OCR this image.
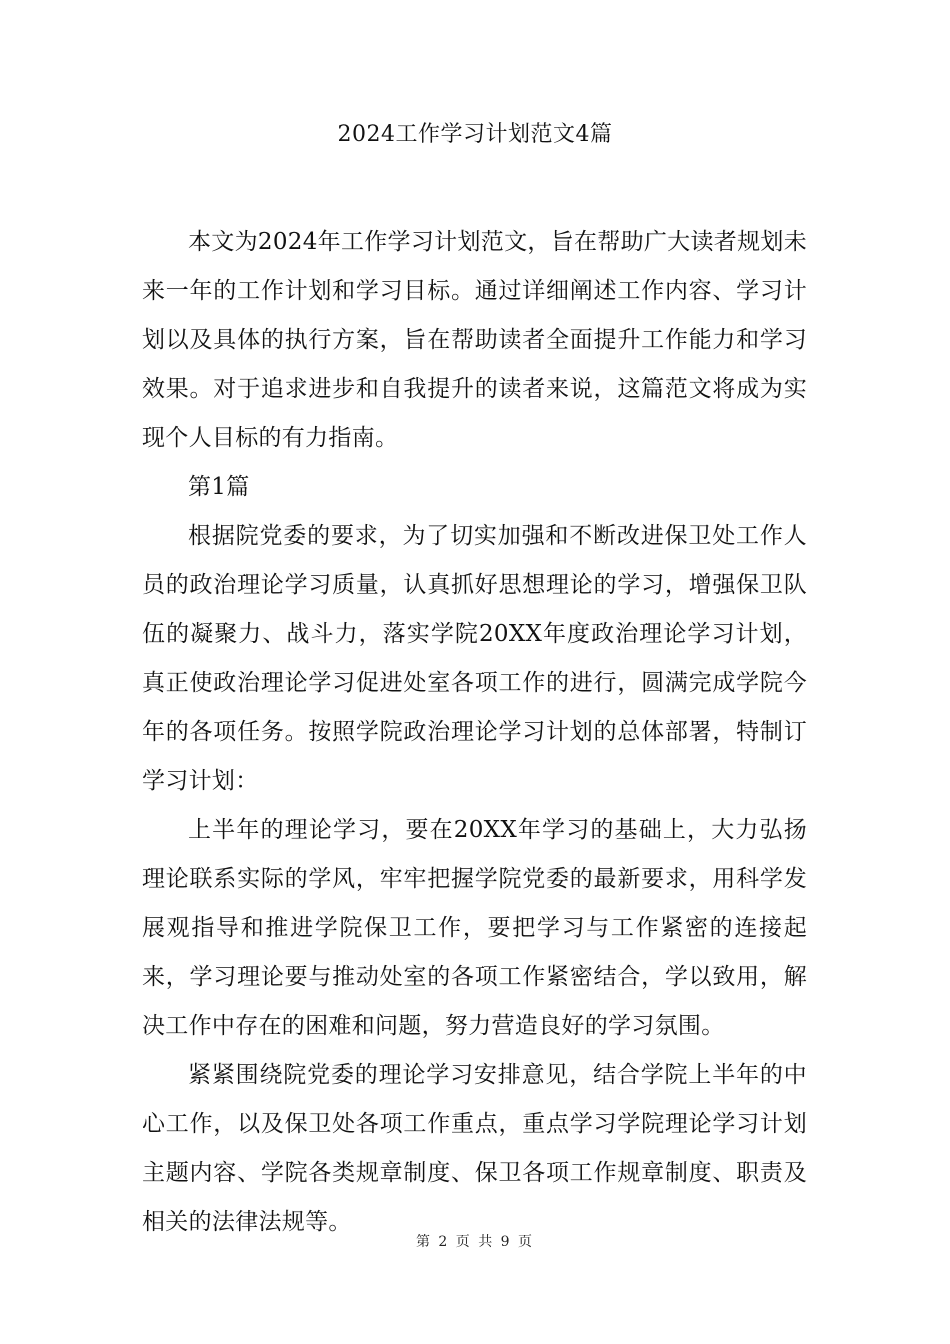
2024工作学习计划范文4篇

本文为2024年工作学习计划范文，旨在帮助广大读者规划未来一年的工作计划和学习目标。通过详细阐述工作内容、学习计划以及具体的执行方案，旨在帮助读者全面提升工作能力和学习效果。对于追求进步和自我提升的读者来说，这篇范文将成为实现个人目标的有力指南。

第1篇

根据院党委的要求，为了切实加强和不断改进保卫处工作人员的政治理论学习质量，认真抓好思想理论的学习，增强保卫队伍的凝聚力、战斗力，落实学院20XX年度政治理论学习计划，真正使政治理论学习促进处室各项工作的进行，圆满完成学院今年的各项任务。按照学院政治理论学习计划的总体部署，特制订学习计划：

上半年的理论学习，要在20XX年学习的基础上，大力弘扬理论联系实际的学风，牢牢把握学院党委的最新要求，用科学发展观指导和推进学院保卫工作，要把学习与工作紧密的连接起来，学习理论要与推动处室的各项工作紧密结合，学以致用，解决工作中存在的困难和问题，努力营造良好的学习氛围。

紧紧围绕院党委的理论学习安排意见，结合学院上半年的中心工作，以及保卫处各项工作重点，重点学习学院理论学习计划主题内容、学院各类规章制度、保卫各项工作规章制度、职责及相关的法律法规等。

第 2 页 共 9 页
